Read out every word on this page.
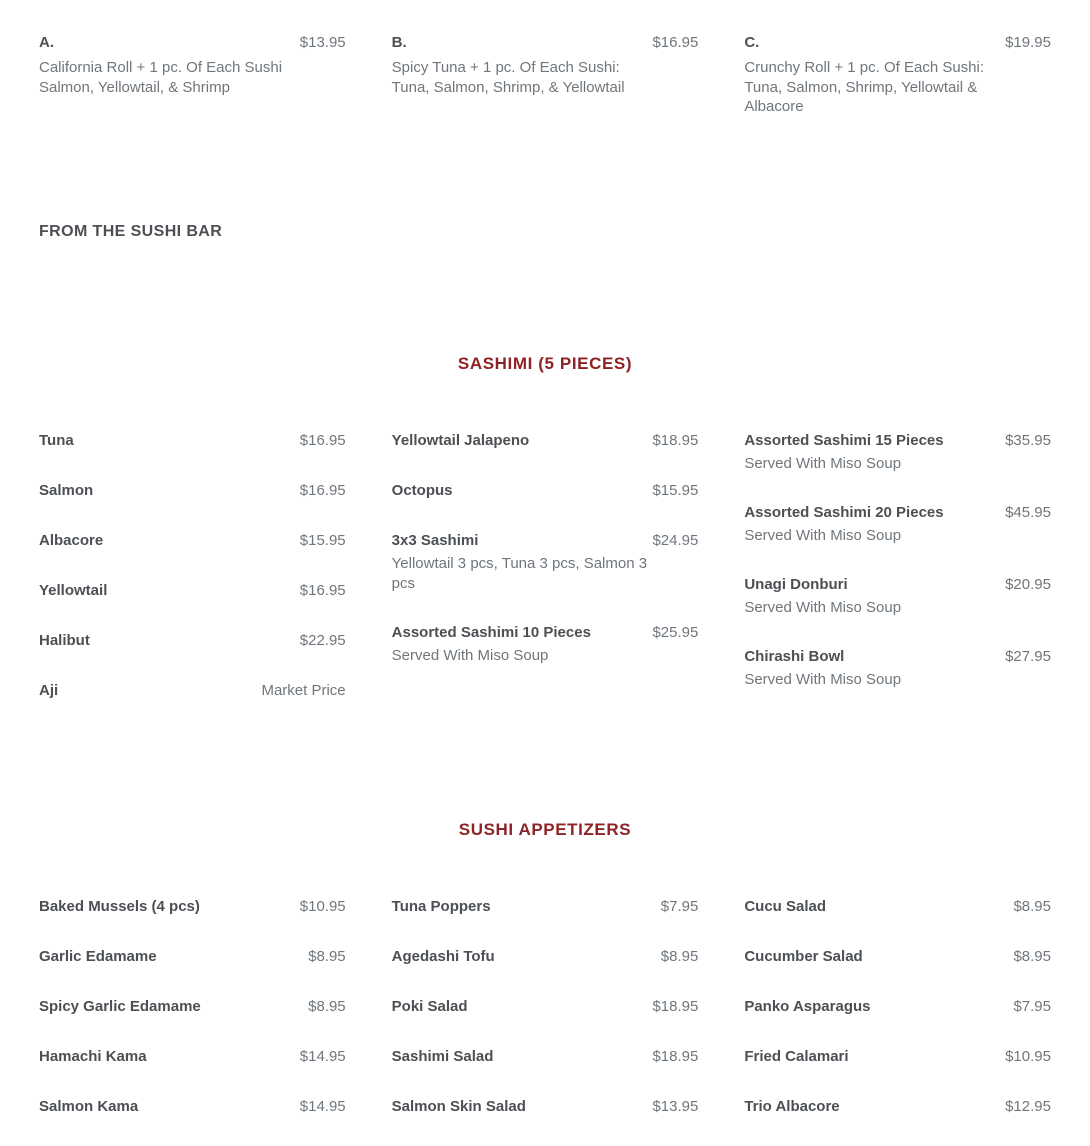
A.	$13.95
California Roll + 1 pc. Of Each Sushi Salmon, Yellowtail, & Shrimp
B.	$16.95
Spicy Tuna + 1 pc. Of Each Sushi: Tuna, Salmon, Shrimp, & Yellowtail
C.	$19.95
Crunchy Roll + 1 pc. Of Each Sushi: Tuna, Salmon, Shrimp, Yellowtail & Albacore
FROM THE SUSHI BAR
SASHIMI (5 PIECES)
Tuna	$16.95
Salmon	$16.95
Albacore	$15.95
Yellowtail	$16.95
Halibut	$22.95
Aji	Market Price
Yellowtail Jalapeno	$18.95
Octopus	$15.95
3x3 Sashimi	$24.95
Yellowtail 3 pcs, Tuna 3 pcs, Salmon 3 pcs
Assorted Sashimi 10 Pieces	$25.95
Served With Miso Soup
Assorted Sashimi 15 Pieces	$35.95
Served With Miso Soup
Assorted Sashimi 20 Pieces	$45.95
Served With Miso Soup
Unagi Donburi	$20.95
Served With Miso Soup
Chirashi Bowl	$27.95
Served With Miso Soup
SUSHI APPETIZERS
Baked Mussels (4 pcs)	$10.95
Garlic Edamame	$8.95
Spicy Garlic Edamame	$8.95
Hamachi Kama	$14.95
Salmon Kama	$14.95
Tuna Poppers	$7.95
Agedashi Tofu	$8.95
Poki Salad	$18.95
Sashimi Salad	$18.95
Salmon Skin Salad	$13.95
Cucu Salad	$8.95
Cucumber Salad	$8.95
Panko Asparagus	$7.95
Fried Calamari	$10.95
Trio Albacore	$12.95
